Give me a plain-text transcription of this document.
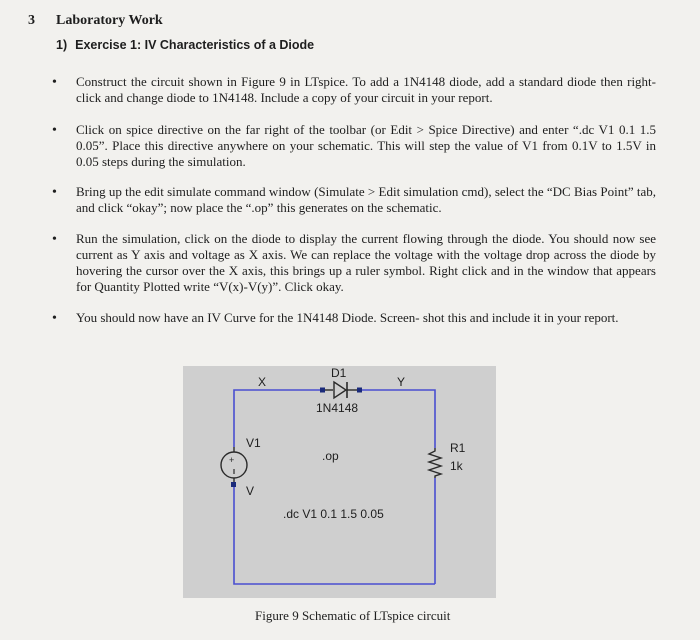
3 Laboratory Work
1) Exercise 1: IV Characteristics of a Diode
• Construct the circuit shown in Figure 9 in LTspice. To add a 1N4148 diode, add a standard diode then right-click and change diode to 1N4148. Include a copy of your circuit in your report.
• Click on spice directive on the far right of the toolbar (or Edit > Spice Directive) and enter “.dc V1 0.1 1.5 0.05”. Place this directive anywhere on your schematic. This will step the value of V1 from 0.1V to 1.5V in 0.05 steps during the simulation.
• Bring up the edit simulate command window (Simulate > Edit simulation cmd), select the “DC Bias Point” tab, and click “okay”; now place the “.op” this generates on the schematic.
• Run the simulation, click on the diode to display the current flowing through the diode. You should now see current as Y axis and voltage as X axis. We can replace the voltage with the voltage drop across the diode by hovering the cursor over the X axis, this brings up a ruler symbol. Right click and in the window that appears for Quantity Plotted write “V(x)-V(y)”. Click okay.
• You should now have an IV Curve for the 1N4148 Diode. Screen- shot this and include it in your report.
+
X	Y
D1
1N4148
V1
V
.op
R1
1k
.dc V1 0.1 1.5 0.05
Figure 9 Schematic of LTspice circuit
